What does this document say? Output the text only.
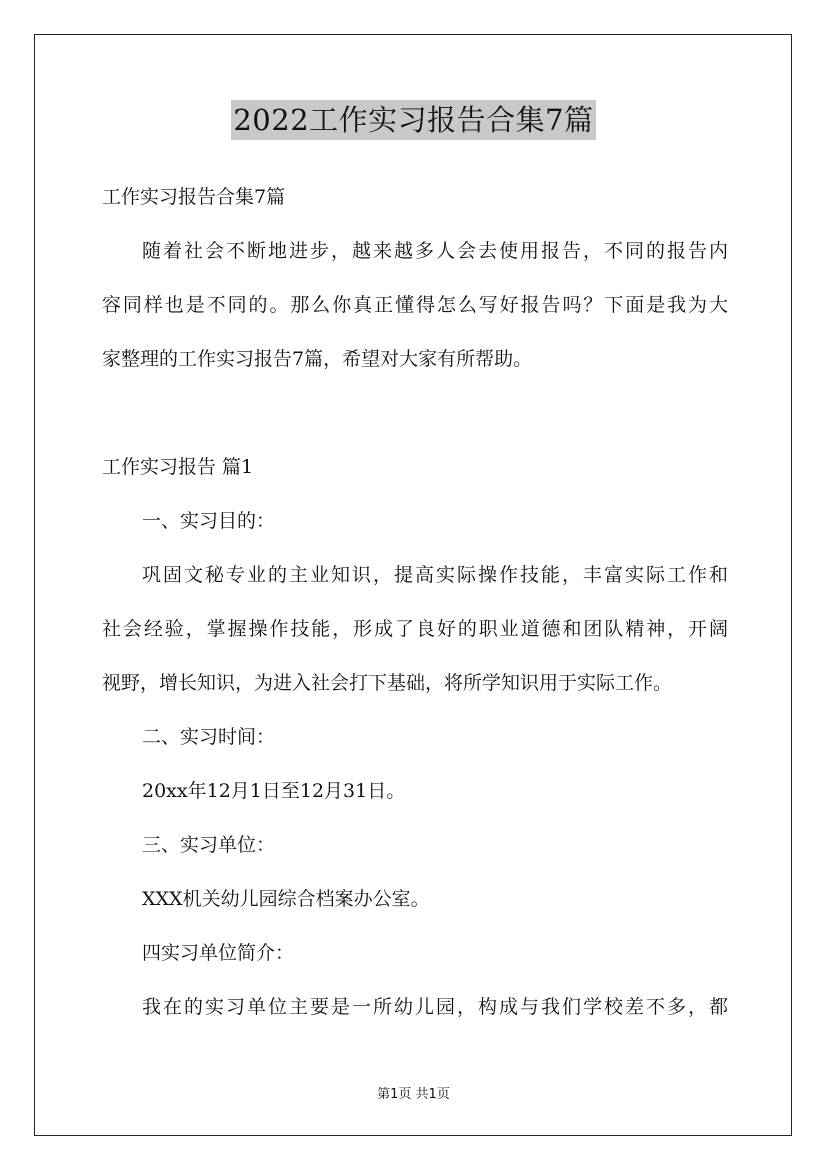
2022工作实习报告合集7篇

工作实习报告合集7篇

随着社会不断地进步，越来越多人会去使用报告，不同的报告内

容同样也是不同的。那么你真正懂得怎么写好报告吗？下面是我为大

家整理的工作实习报告7篇，希望对大家有所帮助。

工作实习报告 篇1

一、实习目的：

巩固文秘专业的主业知识，提高实际操作技能，丰富实际工作和

社会经验，掌握操作技能，形成了良好的职业道德和团队精神，开阔

视野，增长知识，为进入社会打下基础，将所学知识用于实际工作。

二、实习时间：

20xx年12月1日至12月31日。

三、实习单位：

XXX机关幼儿园综合档案办公室。

四实习单位简介：

我在的实习单位主要是一所幼儿园，构成与我们学校差不多，都

第1页 共1页
